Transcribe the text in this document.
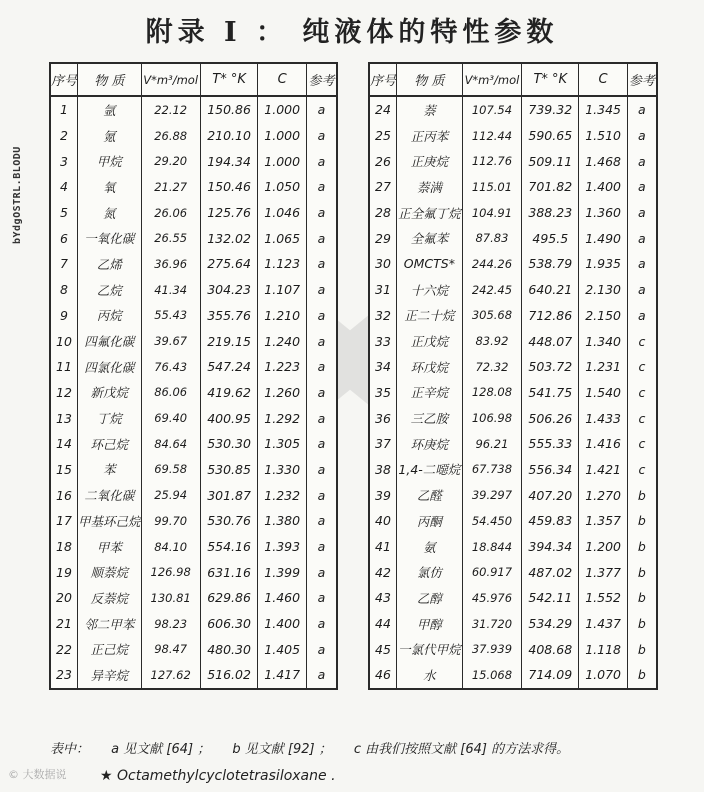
附录 I ： 纯液体的特性参数
bYdgOSTRL.BLODU
序号	物 质	V*m³/mol	T* °K	C	参考
1	氩	22.12	150.86	1.000	a
2	氪	26.88	210.10	1.000	a
3	甲烷	29.20	194.34	1.000	a
4	氧	21.27	150.46	1.050	a
5	氮	26.06	125.76	1.046	a
6	一氧化碳	26.55	132.02	1.065	a
7	乙烯	36.96	275.64	1.123	a
8	乙烷	41.34	304.23	1.107	a
9	丙烷	55.43	355.76	1.210	a
10	四氟化碳	39.67	219.15	1.240	a
11	四氯化碳	76.43	547.24	1.223	a
12	新戊烷	86.06	419.62	1.260	a
13	丁烷	69.40	400.95	1.292	a
14	环己烷	84.64	530.30	1.305	a
15	苯	69.58	530.85	1.330	a
16	二氧化碳	25.94	301.87	1.232	a
17	甲基环己烷	99.70	530.76	1.380	a
18	甲苯	84.10	554.16	1.393	a
19	顺萘烷	126.98	631.16	1.399	a
20	反萘烷	130.81	629.86	1.460	a
21	邻二甲苯	98.23	606.30	1.400	a
22	正己烷	98.47	480.30	1.405	a
23	异辛烷	127.62	516.02	1.417	a
序号	物 质	V*m³/mol	T* °K	C	参考
24	萘	107.54	739.32	1.345	a
25	正丙苯	112.44	590.65	1.510	a
26	正庚烷	112.76	509.11	1.468	a
27	萘满	115.01	701.82	1.400	a
28	正全氟丁烷	104.91	388.23	1.360	a
29	全氟苯	87.83	495.5	1.490	a
30	OMCTS*	244.26	538.79	1.935	a
31	十六烷	242.45	640.21	2.130	a
32	正二十烷	305.68	712.86	2.150	a
33	正戊烷	83.92	448.07	1.340	c
34	环戊烷	72.32	503.72	1.231	c
35	正辛烷	128.08	541.75	1.540	c
36	三乙胺	106.98	506.26	1.433	c
37	环庚烷	96.21	555.33	1.416	c
38	1,4-二噁烷	67.738	556.34	1.421	c
39	乙醛	39.297	407.20	1.270	b
40	丙酮	54.450	459.83	1.357	b
41	氨	18.844	394.34	1.200	b
42	氯仿	60.917	487.02	1.377	b
43	乙醇	45.976	542.11	1.552	b
44	甲醇	31.720	534.29	1.437	b
45	一氯代甲烷	37.939	408.68	1.118	b
46	水	15.068	714.09	1.070	b
表中： a 见文献 [64] ； b 见文献 [92] ； c 由我们按照文献 [64] 的方法求得。
★ Octamethylcyclotetrasiloxane .
© 大数据说
